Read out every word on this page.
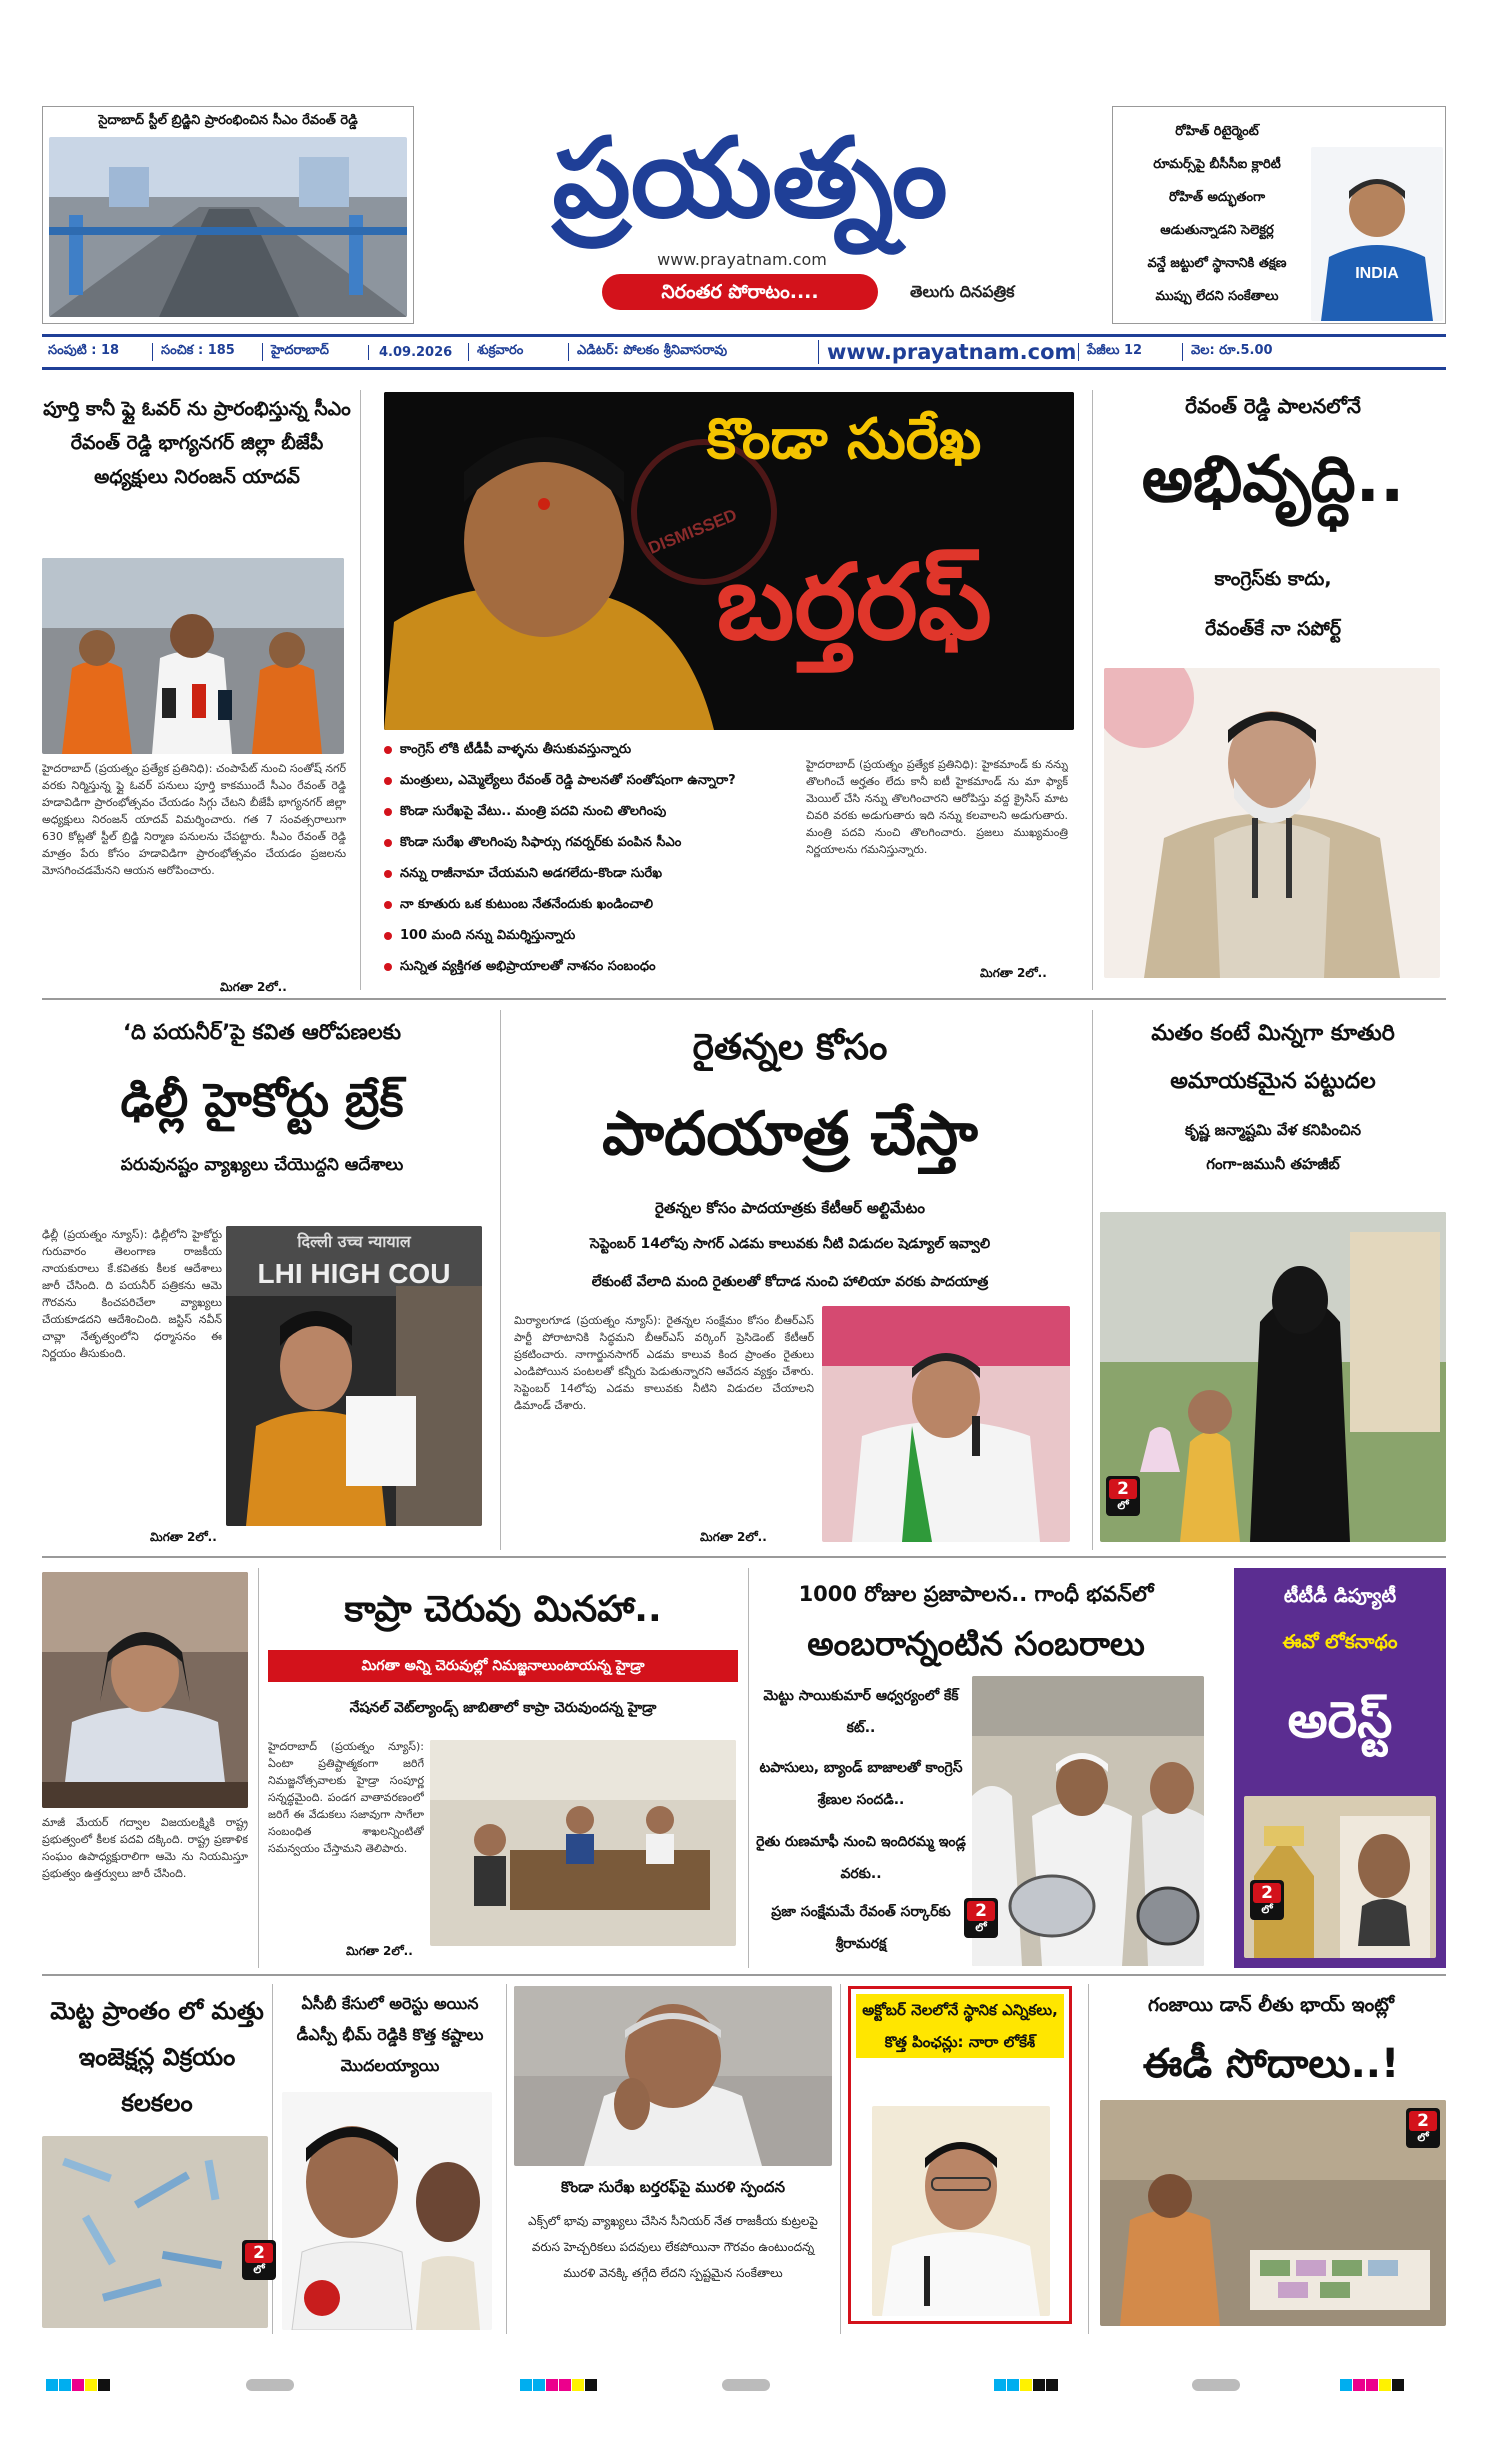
సైదాబాద్ స్టీల్ బ్రిడ్జిని ప్రారంభించిన సీఎం రేవంత్ రెడ్డి	ప్రయత్నం
www.prayatnam.com
నిరంతర పోరాటం....	తెలుగు దినపత్రిక
రోహిత్ రిటైర్మెంట్
రూమర్స్‌పై బీసీసీఐ క్లారిటీ
రోహిత్ అద్భుతంగా
ఆడుతున్నాడని సెలెక్టర్ల
వన్డే జట్టులో స్థానానికి తక్షణ
ముప్పు లేదని సంకేతాలు
INDIA
సంపుటి : 18	సంచిక : 185	హైదరాబాద్	4.09.2026	శుక్రవారం	ఎడిటర్: పోలకం శ్రీనివాసరావు	www.prayatnam.com పేజీలు 12	వెల: రూ.5.00
పూర్తి కానీ ఫ్లై ఓవర్ ను ప్రారంభిస్తున్న సీఎం రేవంత్ రెడ్డి భాగ్యనగర్ జిల్లా బీజేపీ అధ్యక్షులు నిరంజన్ యాదవ్
హైదరాబాద్ (ప్రయత్నం ప్రత్యేక ప్రతినిధి): చంపాపేట్ నుంచి సంతోష్ నగర్ వరకు నిర్మిస్తున్న ఫ్లై ఓవర్ పనులు పూర్తి కాకముందే సీఎం రేవంత్ రెడ్డి హడావిడిగా ప్రారంభోత్సవం చేయడం సిగ్గు చేటని బీజేపీ భాగ్యనగర్ జిల్లా అధ్యక్షులు నిరంజన్ యాదవ్ విమర్శించారు. గత 7 సంవత్సరాలుగా 630 కోట్లతో స్టీల్ బ్రిడ్జి నిర్మాణ పనులను చేపట్టారు. సీఎం రేవంత్ రెడ్డి మాత్రం పేరు కోసం హడావిడిగా ప్రారంభోత్సవం చేయడం ప్రజలను మోసగించడమేనని ఆయన ఆరోపించారు.
మిగతా 2లో..
DISMISSED
కొండా సురేఖ
బర్తరఫ్
కాంగ్రెస్ లోకి టీడీపీ వాళ్ళను తీసుకువస్తున్నారు
మంత్రులు, ఎమ్మెల్యేలు రేవంత్ రెడ్డి పాలనతో సంతోషంగా ఉన్నారా?
కొండా సురేఖపై వేటు.. మంత్రి పదవి నుంచి తొలగింపు
కొండా సురేఖ తొలగింపు సిఫార్సు గవర్నర్‌కు పంపిన సీఎం
నన్ను రాజీనామా చేయమని అడగలేదు-కొండా సురేఖ
నా కూతురు ఒక కుటుంబ నేతనేందుకు ఖండించాలి
100 మంది నన్ను విమర్శిస్తున్నారు
సున్నిత వ్యక్తిగత అభిప్రాయాలతో నాశనం సంబంధం
హైదరాబాద్ (ప్రయత్నం ప్రత్యేక ప్రతినిధి): హైకమాండ్ కు నన్ను తొలగించే అర్హతం లేదు కానీ ఐటీ హైకమాండ్ ను మా ఫ్యాక్ మెయిల్ చేసి నన్ను తొలగించారని ఆరోపిస్తు వద్ద క్రైసిస్ మాట చివరి వరకు అడుగుతారు ఇది నన్ను కలవాలని అడుగుతారు. మంత్రి పదవి నుంచి తొలగించారు. ప్రజలు ముఖ్యమంత్రి నిర్ణయాలను గమనిస్తున్నారు.
మిగతా 2లో..
రేవంత్ రెడ్డి పాలనలోనే
అభివృద్ధి..
కాంగ్రెస్‌కు కాదు,
రేవంత్‌కే నా సపోర్ట్
‘ది పయనీర్’పై కవిత ఆరోపణలకు
ఢిల్లీ హైకోర్టు బ్రేక్
పరువునష్టం వ్యాఖ్యలు చేయొద్దని ఆదేశాలు
ఢిల్లీ (ప్రయత్నం న్యూస్): ఢిల్లీలోని హైకోర్టు గురువారం తెలంగాణ రాజకీయ నాయకురాలు కే.కవితకు కీలక ఆదేశాలు జారీ చేసింది. ది పయనీర్ పత్రికను ఆమె గౌరవను కించపరిచేలా వ్యాఖ్యలు చేయకూడదని ఆదేశించింది. జస్టిస్ నవీన్ చావ్లా నేతృత్వంలోని ధర్మాసనం ఈ నిర్ణయం తీసుకుంది.
दिल्ली उच्च न्यायाल
LHI HIGH COU
మిగతా 2లో..
రైతన్నల కోసం
పాదయాత్ర చేస్తా
రైతన్నల కోసం పాదయాత్రకు కేటీఆర్ అల్టిమేటం
సెప్టెంబర్ 14లోపు సాగర్ ఎడమ కాలువకు నీటి విడుదల షెడ్యూల్ ఇవ్వాలి
లేకుంటే వేలాది మంది రైతులతో కోదాడ నుంచి హాలియా వరకు పాదయాత్ర
మిర్యాలగూడ (ప్రయత్నం న్యూస్): రైతన్నల సంక్షేమం కోసం బీఆర్ఎస్ పార్టీ పోరాటానికి సిద్ధమని బీఆర్ఎస్ వర్కింగ్ ప్రెసిడెంట్ కేటీఆర్ ప్రకటించారు. నాగార్జునసాగర్ ఎడమ కాలువ కింద ప్రాంతం రైతులు ఎండిపోయిన పంటలతో కన్నీరు పెడుతున్నారని ఆవేదన వ్యక్తం చేశారు. సెప్టెంబర్ 14లోపు ఎడమ కాలువకు నీటిని విడుదల చేయాలని డిమాండ్ చేశారు.
మిగతా 2లో..
మతం కంటే మిన్నగా కూతురి
అమాయకమైన పట్టుదల
కృష్ణ జన్మాష్టమి వేళ కనిపించిన
గంగా-జమునీ తహజీబ్
2
లో
మాజీ మేయర్ గద్వాల విజయలక్ష్మికి రాష్ట్ర ప్రభుత్వంలో కీలక పదవి దక్కింది. రాష్ట్ర ప్రణాళిక సంఘం ఉపాధ్యక్షురాలిగా ఆమె ను నియమిస్తూ ప్రభుత్వం ఉత్తర్వులు జారీ చేసింది.
కాప్రా చెరువు మినహా..
మిగతా అన్ని చెరువుల్లో నిమజ్జనాలుంటాయన్న హైడ్రా
నేషనల్ వెట్‌ల్యాండ్స్ జాబితాలో కాప్రా చెరువుందన్న హైడ్రా
హైదరాబాద్ (ప్రయత్నం న్యూస్): ఏంటా ప్రతిష్టాత్మకంగా జరిగే నిమజ్జనోత్సవాలకు హైడ్రా సంపూర్ణ సన్నద్ధమైంది. పండగ వాతావరణంలో జరిగే ఈ వేడుకలు సజావుగా సాగేలా సంబంధిత శాఖలన్నింటితో సమన్వయం చేస్తామని తెలిపారు.
మిగతా 2లో..
1000 రోజుల ప్రజాపాలన.. గాంధీ భవన్‌లో
అంబరాన్నంటిన సంబరాలు
మెట్టు సాయికుమార్ ఆధ్వర్యంలో కేక్ కట్..
టపాసులు, బ్యాండ్ బాజాలతో కాంగ్రెస్ శ్రేణుల సందడి..
రైతు రుణమాఫీ నుంచి ఇందిరమ్మ ఇండ్ల వరకు..
ప్రజా సంక్షేమమే రేవంత్ సర్కార్‌కు శ్రీరామరక్ష
2
లో
టీటీడీ డిప్యూటీ
ఈవో లోకనాథం
అరెస్ట్
2
లో
మెట్ట ప్రాంతం లో మత్తు ఇంజెక్షన్ల విక్రయం కలకలం
ఏసీబీ కేసులో అరెస్టు అయిన డీఎస్పీ భీమ్ రెడ్డికి కొత్త కష్టాలు మొదలయ్యాయి
2
లో
కొండా సురేఖ బర్తరఫ్‌పై మురళి స్పందన
ఎక్స్‌లో భావు వ్యాఖ్యలు చేసిన సీనియర్ నేత రాజకీయ కుట్రలపై వరుస హెచ్చరికలు పదవులు లేకపోయినా గౌరవం ఉంటుందన్న మురళి వెనక్కి తగ్గేది లేదని స్పష్టమైన సంకేతాలు
అక్టోబర్ నెలలోనే స్థానిక ఎన్నికలు, కొత్త పింఛన్లు: నారా లోకేశ్
గంజాయి డాన్ లీతు భాయ్ ఇంట్లో
ఈడీ సోదాలు..!
2
లో
